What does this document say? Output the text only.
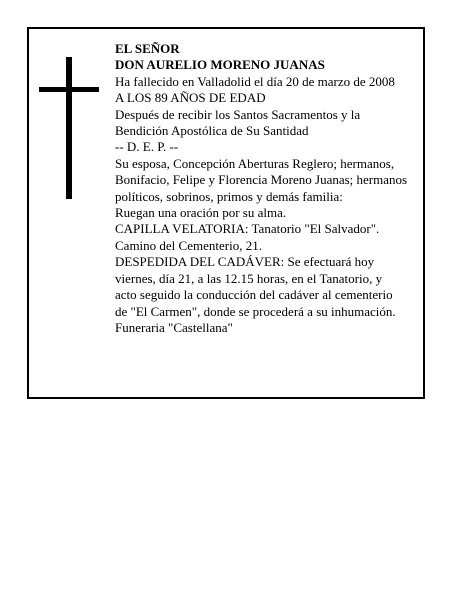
EL SEÑOR

DON AURELIO MORENO JUANAS

Ha fallecido en Valladolid el día 20 de marzo de 2008

A LOS 89 AÑOS DE EDAD

Después de recibir los Santos Sacramentos y la
Bendición Apostólica de Su Santidad

-- D. E. P. --

Su esposa, Concepción Aberturas Reglero; hermanos,
Bonifacio, Felipe y Florencia Moreno Juanas; hermanos
políticos, sobrinos, primos y demás familia:

Ruegan una oración por su alma.

CAPILLA VELATORIA: Tanatorio "El Salvador".
Camino del Cementerio, 21.

DESPEDIDA DEL CADÁVER: Se efectuará hoy
viernes, día 21, a las 12.15 horas, en el Tanatorio, y
acto seguido la conducción del cadáver al cementerio
de "El Carmen", donde se procederá a su inhumación.

Funeraria "Castellana"
